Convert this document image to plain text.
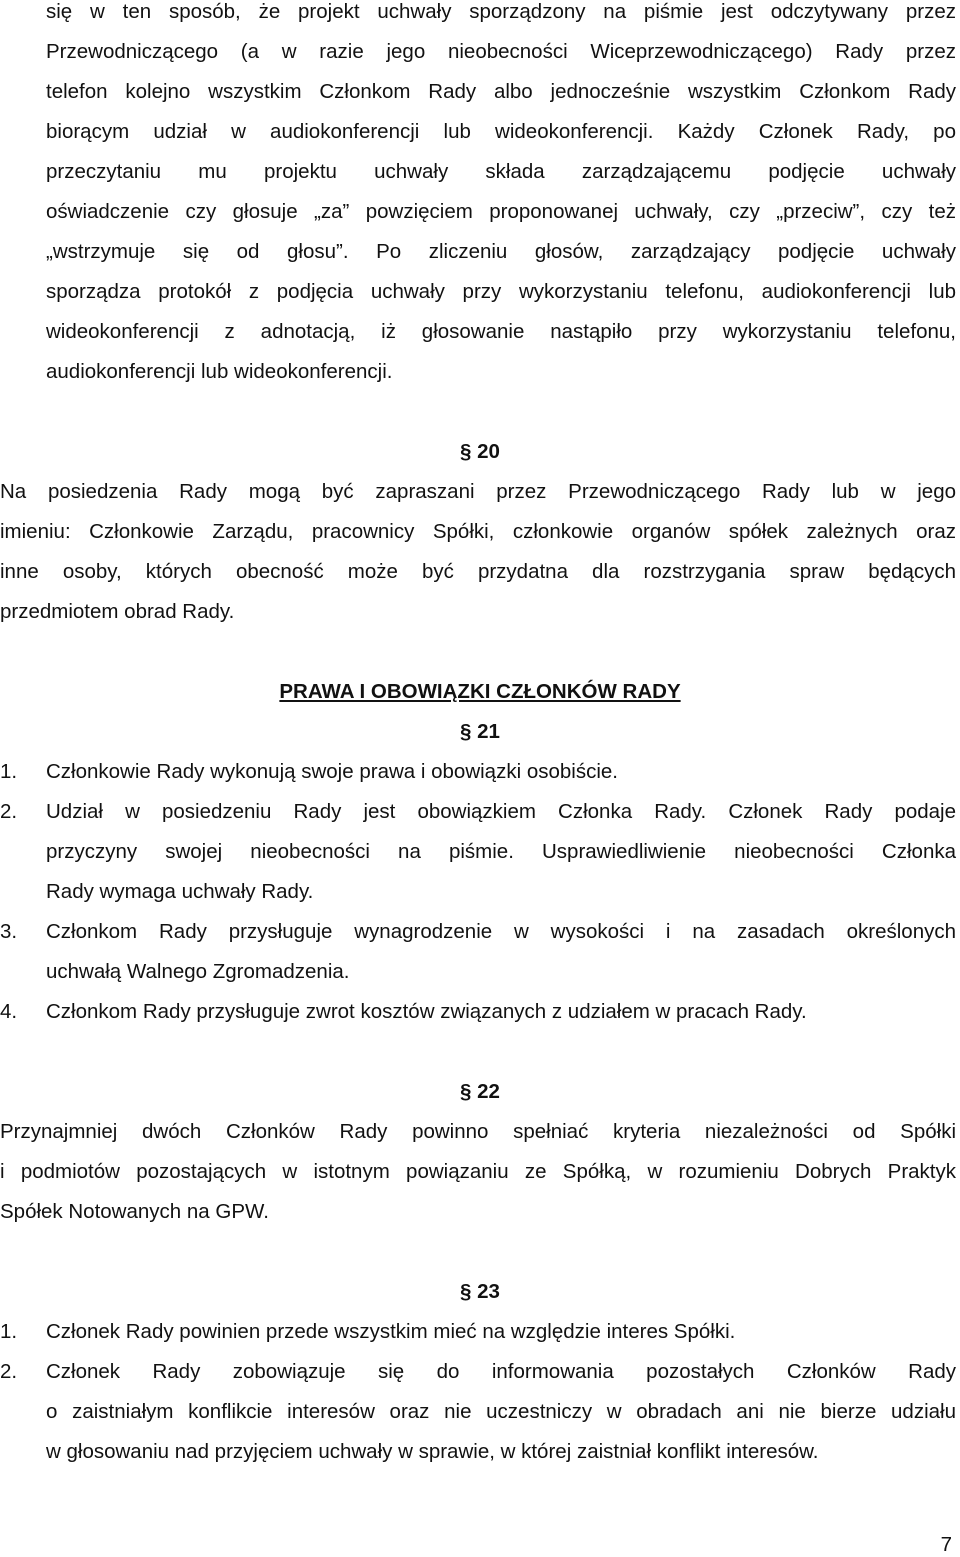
się w ten sposób, że projekt uchwały sporządzony na piśmie jest odczytywany przez
Przewodniczącego (a w razie jego nieobecności Wiceprzewodniczącego) Rady przez
telefon kolejno wszystkim Członkom Rady albo jednocześnie wszystkim Członkom Rady
biorącym udział w audiokonferencji lub wideokonferencji. Każdy Członek Rady, po
przeczytaniu mu projektu uchwały składa zarządzającemu podjęcie uchwały
oświadczenie czy głosuje „za” powzięciem proponowanej uchwały, czy „przeciw”, czy też
„wstrzymuje się od głosu”. Po zliczeniu głosów, zarządzający podjęcie uchwały
sporządza protokół z podjęcia uchwały przy wykorzystaniu telefonu, audiokonferencji lub
wideokonferencji z adnotacją, iż głosowanie nastąpiło przy wykorzystaniu telefonu,
audiokonferencji lub wideokonferencji.
§ 20
Na posiedzenia Rady mogą być zapraszani przez Przewodniczącego Rady lub w jego
imieniu: Członkowie Zarządu, pracownicy Spółki, członkowie organów spółek zależnych oraz
inne osoby, których obecność może być przydatna dla rozstrzygania spraw będących
przedmiotem obrad Rady.
PRAWA I OBOWIĄZKI CZŁONKÓW RADY
§ 21
1.	Członkowie Rady wykonują swoje prawa i obowiązki osobiście.
2.	Udział w posiedzeniu Rady jest obowiązkiem Członka Rady. Członek Rady podaje
przyczyny swojej nieobecności na piśmie. Usprawiedliwienie nieobecności Członka
Rady wymaga uchwały Rady.
3.	Członkom Rady przysługuje wynagrodzenie w wysokości i na zasadach określonych
uchwałą Walnego Zgromadzenia.
4.	Członkom Rady przysługuje zwrot kosztów związanych z udziałem w pracach Rady.
§ 22
Przynajmniej dwóch Członków Rady powinno spełniać kryteria niezależności od Spółki
i podmiotów pozostających w istotnym powiązaniu ze Spółką, w rozumieniu Dobrych Praktyk
Spółek Notowanych na GPW.
§ 23
1.	Członek Rady powinien przede wszystkim mieć na względzie interes Spółki.
2.	Członek Rady zobowiązuje się do informowania pozostałych Członków Rady
o zaistniałym konflikcie interesów oraz nie uczestniczy w obradach ani nie bierze udziału
w głosowaniu nad przyjęciem uchwały w sprawie, w której zaistniał konflikt interesów.
7
